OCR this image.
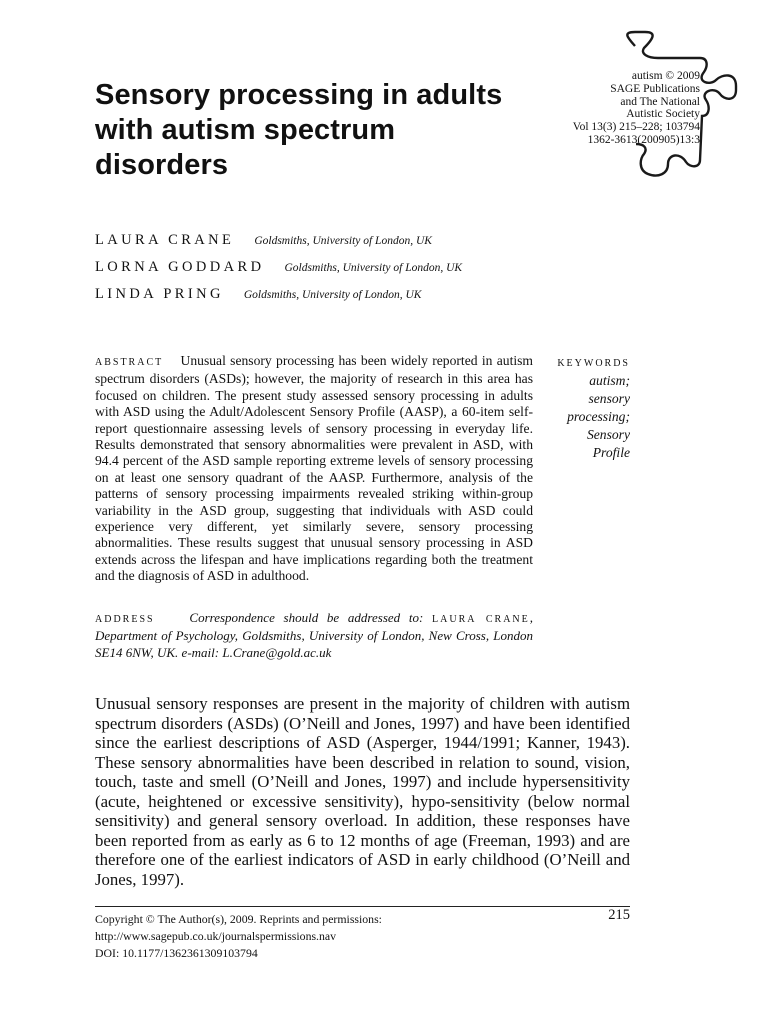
Sensory processing in adults with autism spectrum disorders
autism © 2009
SAGE Publications
and The National
Autistic Society
Vol 13(3) 215–228; 103794
1362-3613(200905)13:3
LAURA CRANE Goldsmiths, University of London, UK
LORNA GODDARD Goldsmiths, University of London, UK
LINDA PRING Goldsmiths, University of London, UK
ABSTRACT Unusual sensory processing has been widely reported in autism spectrum disorders (ASDs); however, the majority of research in this area has focused on children. The present study assessed sensory processing in adults with ASD using the Adult/Adolescent Sensory Profile (AASP), a 60-item self-report questionnaire assessing levels of sensory processing in everyday life. Results demonstrated that sensory abnormalities were prevalent in ASD, with 94.4 percent of the ASD sample reporting extreme levels of sensory processing on at least one sensory quadrant of the AASP. Furthermore, analysis of the patterns of sensory processing impairments revealed striking within-group variability in the ASD group, suggesting that individuals with ASD could experience very different, yet similarly severe, sensory processing abnormalities. These results suggest that unusual sensory processing in ASD extends across the lifespan and have implications regarding both the treatment and the diagnosis of ASD in adulthood.
ADDRESS	Correspondence should be addressed to: LAURA CRANE, Department of Psychology, Goldsmiths, University of London, New Cross, London SE14 6NW, UK. e-mail: L.Crane@gold.ac.uk
KEYWORDS
autism;
sensory
processing;
Sensory
Profile
Unusual sensory responses are present in the majority of children with autism spectrum disorders (ASDs) (O’Neill and Jones, 1997) and have been identified since the earliest descriptions of ASD (Asperger, 1944/1991; Kanner, 1943). These sensory abnormalities have been described in relation to sound, vision, touch, taste and smell (O’Neill and Jones, 1997) and include hypersensitivity (acute, heightened or excessive sensitivity), hypo-sensitivity (below normal sensitivity) and general sensory overload. In addition, these responses have been reported from as early as 6 to 12 months of age (Freeman, 1993) and are therefore one of the earliest indicators of ASD in early childhood (O’Neill and Jones, 1997).
Copyright © The Author(s), 2009. Reprints and permissions:
http://www.sagepub.co.uk/journalspermissions.nav
DOI: 10.1177/1362361309103794
215
